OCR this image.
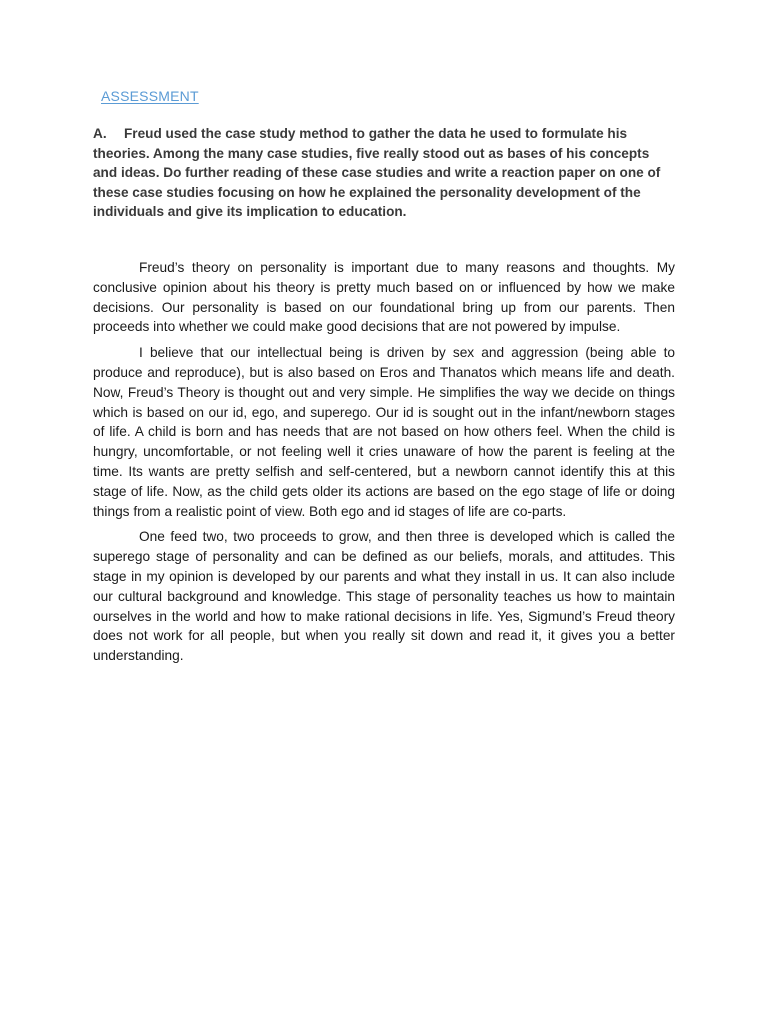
ASSESSMENT
A. Freud used the case study method to gather the data he used to formulate his theories. Among the many case studies, five really stood out as bases of his concepts and ideas. Do further reading of these case studies and write a reaction paper on one of these case studies focusing on how he explained the personality development of the individuals and give its implication to education.

Freud’s theory on personality is important due to many reasons and thoughts. My conclusive opinion about his theory is pretty much based on or influenced by how we make decisions. Our personality is based on our foundational bring up from our parents. Then proceeds into whether we could make good decisions that are not powered by impulse.

I believe that our intellectual being is driven by sex and aggression (being able to produce and reproduce), but is also based on Eros and Thanatos which means life and death. Now, Freud’s Theory is thought out and very simple. He simplifies the way we decide on things which is based on our id, ego, and superego. Our id is sought out in the infant/newborn stages of life. A child is born and has needs that are not based on how others feel. When the child is hungry, uncomfortable, or not feeling well it cries unaware of how the parent is feeling at the time. Its wants are pretty selfish and self-centered, but a newborn cannot identify this at this stage of life. Now, as the child gets older its actions are based on the ego stage of life or doing things from a realistic point of view. Both ego and id stages of life are co-parts.

One feed two, two proceeds to grow, and then three is developed which is called the superego stage of personality and can be defined as our beliefs, morals, and attitudes. This stage in my opinion is developed by our parents and what they install in us. It can also include our cultural background and knowledge. This stage of personality teaches us how to maintain ourselves in the world and how to make rational decisions in life. Yes, Sigmund’s Freud theory does not work for all people, but when you really sit down and read it, it gives you a better understanding.
